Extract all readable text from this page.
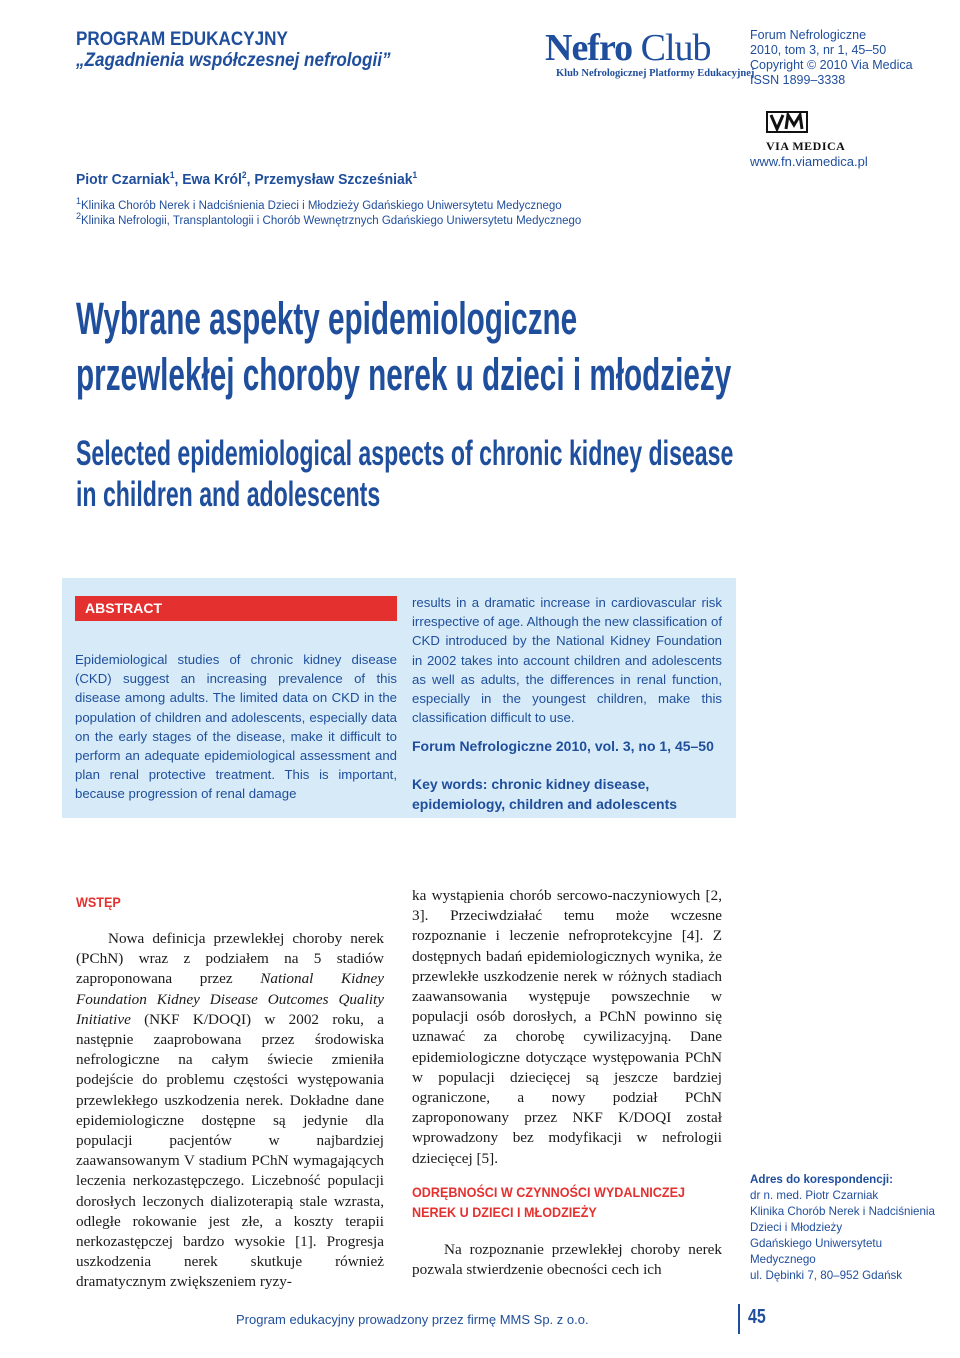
PROGRAM EDUKACYJNY
„Zagadnienia współczesnej nefrologii”	Nefro Club
Klub Nefrologicznej Platformy Edukacyjnej
Forum Nefrologiczne
2010, tom 3, nr 1, 45–50
Copyright © 2010 Via Medica
ISSN 1899–3338
VIA MEDICA
www.fn.viamedica.pl
Piotr Czarniak$^1$, Ewa Król$^2$, Przemysław Szcześniak$^1$
$^1$Klinika Chorób Nerek i Nadciśnienia Dzieci i Młodzieży Gdańskiego Uniwersytetu Medycznego
$^2$Klinika Nefrologii, Transplantologii i Chorób Wewnętrznych Gdańskiego Uniwersytetu Medycznego
Wybrane aspekty epidemiologiczne
przewlekłej choroby nerek u dzieci i młodzieży
Selected epidemiological aspects of chronic kidney disease
in children and adolescents
ABSTRACT
Epidemiological studies of chronic kidney disease (CKD) suggest an increasing prevalence of this disease among adults. The limited data on CKD in the population of children and adolescents, especially data on the early stages of the disease, make it difficult to perform an adequate epidemiological assessment and plan renal protective treatment. This is important, because progression of renal damage
results in a dramatic increase in cardiovascular risk irrespective of age. Although the new classification of CKD introduced by the National Kidney Foundation in 2002 takes into account children and adolescents as well as adults, the differences in renal function, especially in the youngest children, make this classification difficult to use.
Forum Nefrologiczne 2010, vol. 3, no 1, 45–50
Key words: chronic kidney disease, epidemiology, children and adolescents
WSTĘP
Nowa definicja przewlekłej choroby nerek (PChN) wraz z podziałem na 5 stadiów zaproponowana przez National Kidney Foundation Kidney Disease Outcomes Quality Initiative (NKF K/DOQI) w 2002 roku, a następnie zaaprobowana przez środowiska nefrologiczne na całym świecie zmieniła podejście do problemu częstości występowania przewlekłego uszkodzenia nerek. Dokładne dane epidemiologiczne dostępne są jedynie dla populacji pacjentów w najbardziej zaawansowanym V stadium PChN wymagających leczenia nerkozastępczego. Liczebność populacji dorosłych leczonych dializoterapią stale wzrasta, odległe rokowanie jest złe, a koszty terapii nerkozastępczej bardzo wysokie [1]. Progresja uszkodzenia nerek skutkuje również dramatycznym zwiększeniem ryzy-
ka wystąpienia chorób sercowo-naczyniowych [2, 3]. Przeciwdziałać temu może wczesne rozpoznanie i leczenie nefroprotekcyjne [4]. Z dostępnych badań epidemiologicznych wynika, że przewlekłe uszkodzenie nerek w różnych stadiach zaawansowania występuje powszechnie w populacji osób dorosłych, a PChN powinno się uznawać za chorobę cywilizacyjną. Dane epidemiologiczne dotyczące występowania PChN w populacji dziecięcej są jeszcze bardziej ograniczone, a nowy podział PChN zaproponowany przez NKF K/DOQI został wprowadzony bez modyfikacji w nefrologii dziecięcej [5].
ODRĘBNOŚCI W CZYNNOŚCI WYDALNICZEJ
NEREK U DZIECI I MŁODZIEŻY
Na rozpoznanie przewlekłej choroby nerek pozwala stwierdzenie obecności cech ich
Adres do korespondencji:
dr n. med. Piotr Czarniak
Klinika Chorób Nerek i Nadciśnienia
Dzieci i Młodzieży
Gdańskiego Uniwersytetu Medycznego
ul. Dębinki 7, 80–952 Gdańsk
Program edukacyjny prowadzony przez firmę MMS Sp. z o.o.	45
